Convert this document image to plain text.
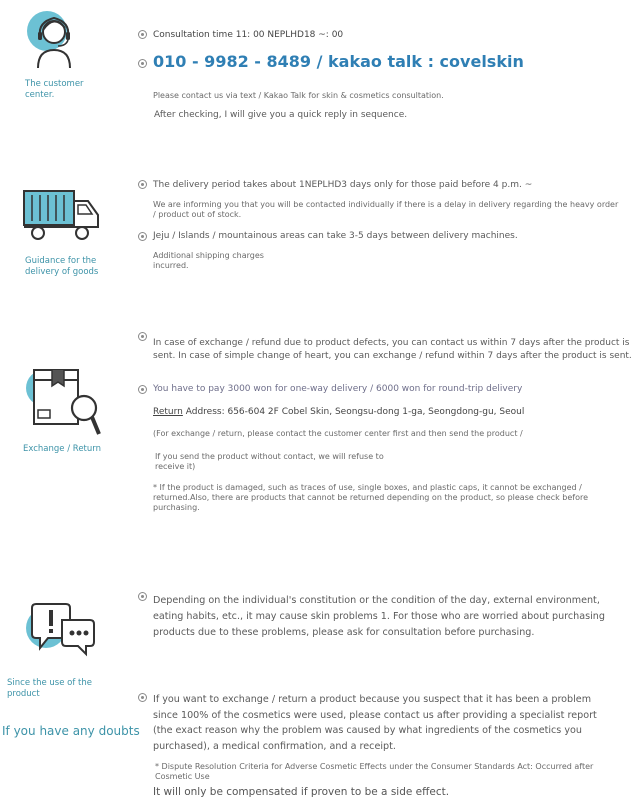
The customer center.
Consultation time 11: 00 NEPLHD18 ~: 00
010 - 9982 - 8489 / kakao talk : covelskin
Please contact us via text / Kakao Talk for skin & cosmetics consultation.
After checking, I will give you a quick reply in sequence.
Guidance for the delivery of goods
The delivery period takes about 1NEPLHD3 days only for those paid before 4 p.m. ~
We are informing you that you will be contacted individually if there is a delay in delivery regarding the heavy order / product out of stock.
Jeju / Islands / mountainous areas can take 3-5 days between delivery machines.
Additional shipping charges incurred.
Exchange / Return
In case of exchange / refund due to product defects, you can contact us within 7 days after the product is sent. In case of simple change of heart, you can exchange / refund within 7 days after the product is sent.
You have to pay 3000 won for one-way delivery / 6000 won for round-trip delivery
Return Address: 656-604 2F Cobel Skin, Seongsu-dong 1-ga, Seongdong-gu, Seoul
(For exchange / return, please contact the customer center first and then send the product /
If you send the product without contact, we will refuse to receive it)
* If the product is damaged, such as traces of use, single boxes, and plastic caps, it cannot be exchanged / returned.Also, there are products that cannot be returned depending on the product, so please check before purchasing.
Since the use of the product
If you have any doubts
Depending on the individual's constitution or the condition of the day, external environment, eating habits, etc., it may cause skin problems 1. For those who are worried about purchasing products due to these problems, please ask for consultation before purchasing.
If you want to exchange / return a product because you suspect that it has been a problem since 100% of the cosmetics were used, please contact us after providing a specialist report (the exact reason why the problem was caused by what ingredients of the cosmetics you purchased), a medical confirmation, and a receipt.
* Dispute Resolution Criteria for Adverse Cosmetic Effects under the Consumer Standards Act: Occurred after Cosmetic Use
It will only be compensated if proven to be a side effect.
